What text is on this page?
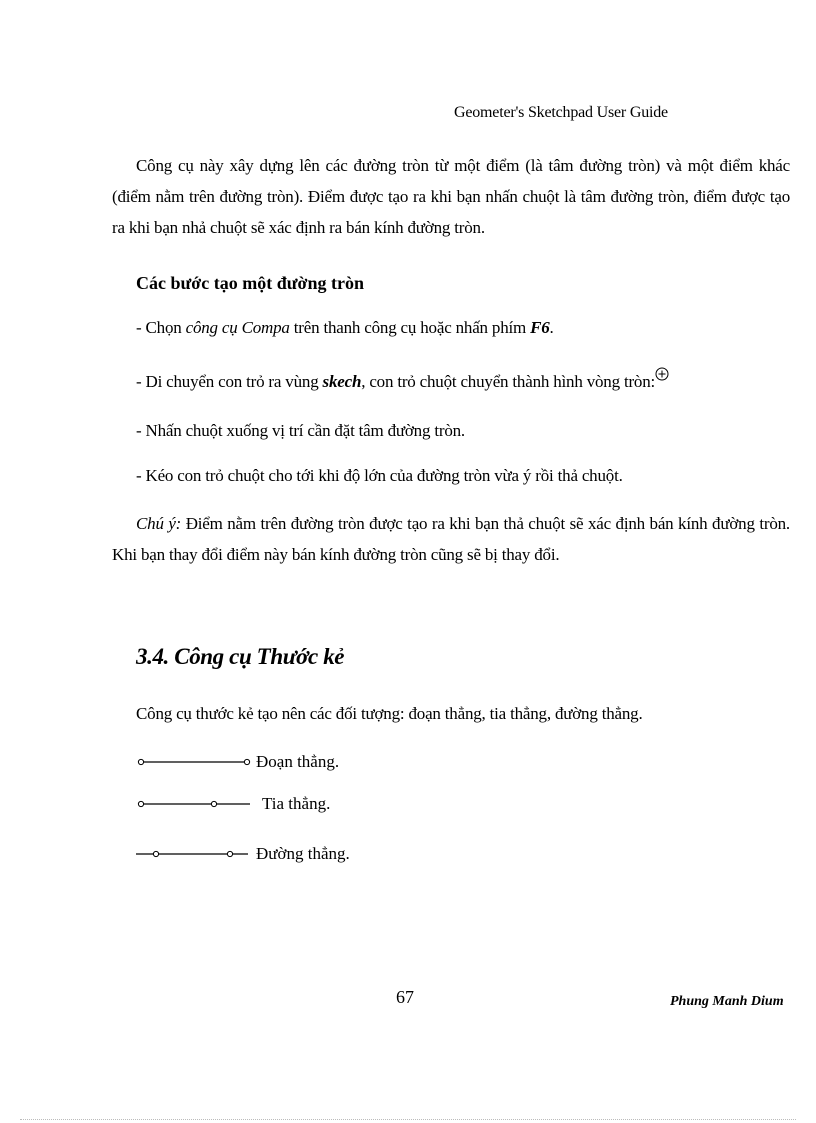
Geometer's Sketchpad User Guide

Công cụ này xây dựng lên các đường tròn từ một điểm (là tâm đường tròn) và một điểm khác (điểm nằm trên đường tròn). Điểm được tạo ra khi bạn nhấn chuột là tâm đường tròn, điểm được tạo ra khi bạn nhả chuột sẽ xác định ra bán kính đường tròn.

Các bước tạo một đường tròn

- Chọn công cụ Compa trên thanh công cụ hoặc nhấn phím F6.

- Di chuyển con trỏ ra vùng skech, con trỏ chuột chuyển thành hình vòng tròn:

- Nhấn chuột xuống vị trí cần đặt tâm đường tròn.

- Kéo con trỏ chuột cho tới khi độ lớn của đường tròn vừa ý rồi thả chuột.

Chú ý: Điểm nằm trên đường tròn được tạo ra khi bạn thả chuột sẽ xác định bán kính đường tròn. Khi bạn thay đổi điểm này bán kính đường tròn cũng sẽ bị thay đổi.

3.4. Công cụ Thước kẻ

Công cụ thước kẻ tạo nên các đối tượng: đoạn thẳng, tia thẳng, đường thẳng.

Đoạn thẳng.
Tia thẳng.
Đường thẳng.
67	Phung Manh Dium
